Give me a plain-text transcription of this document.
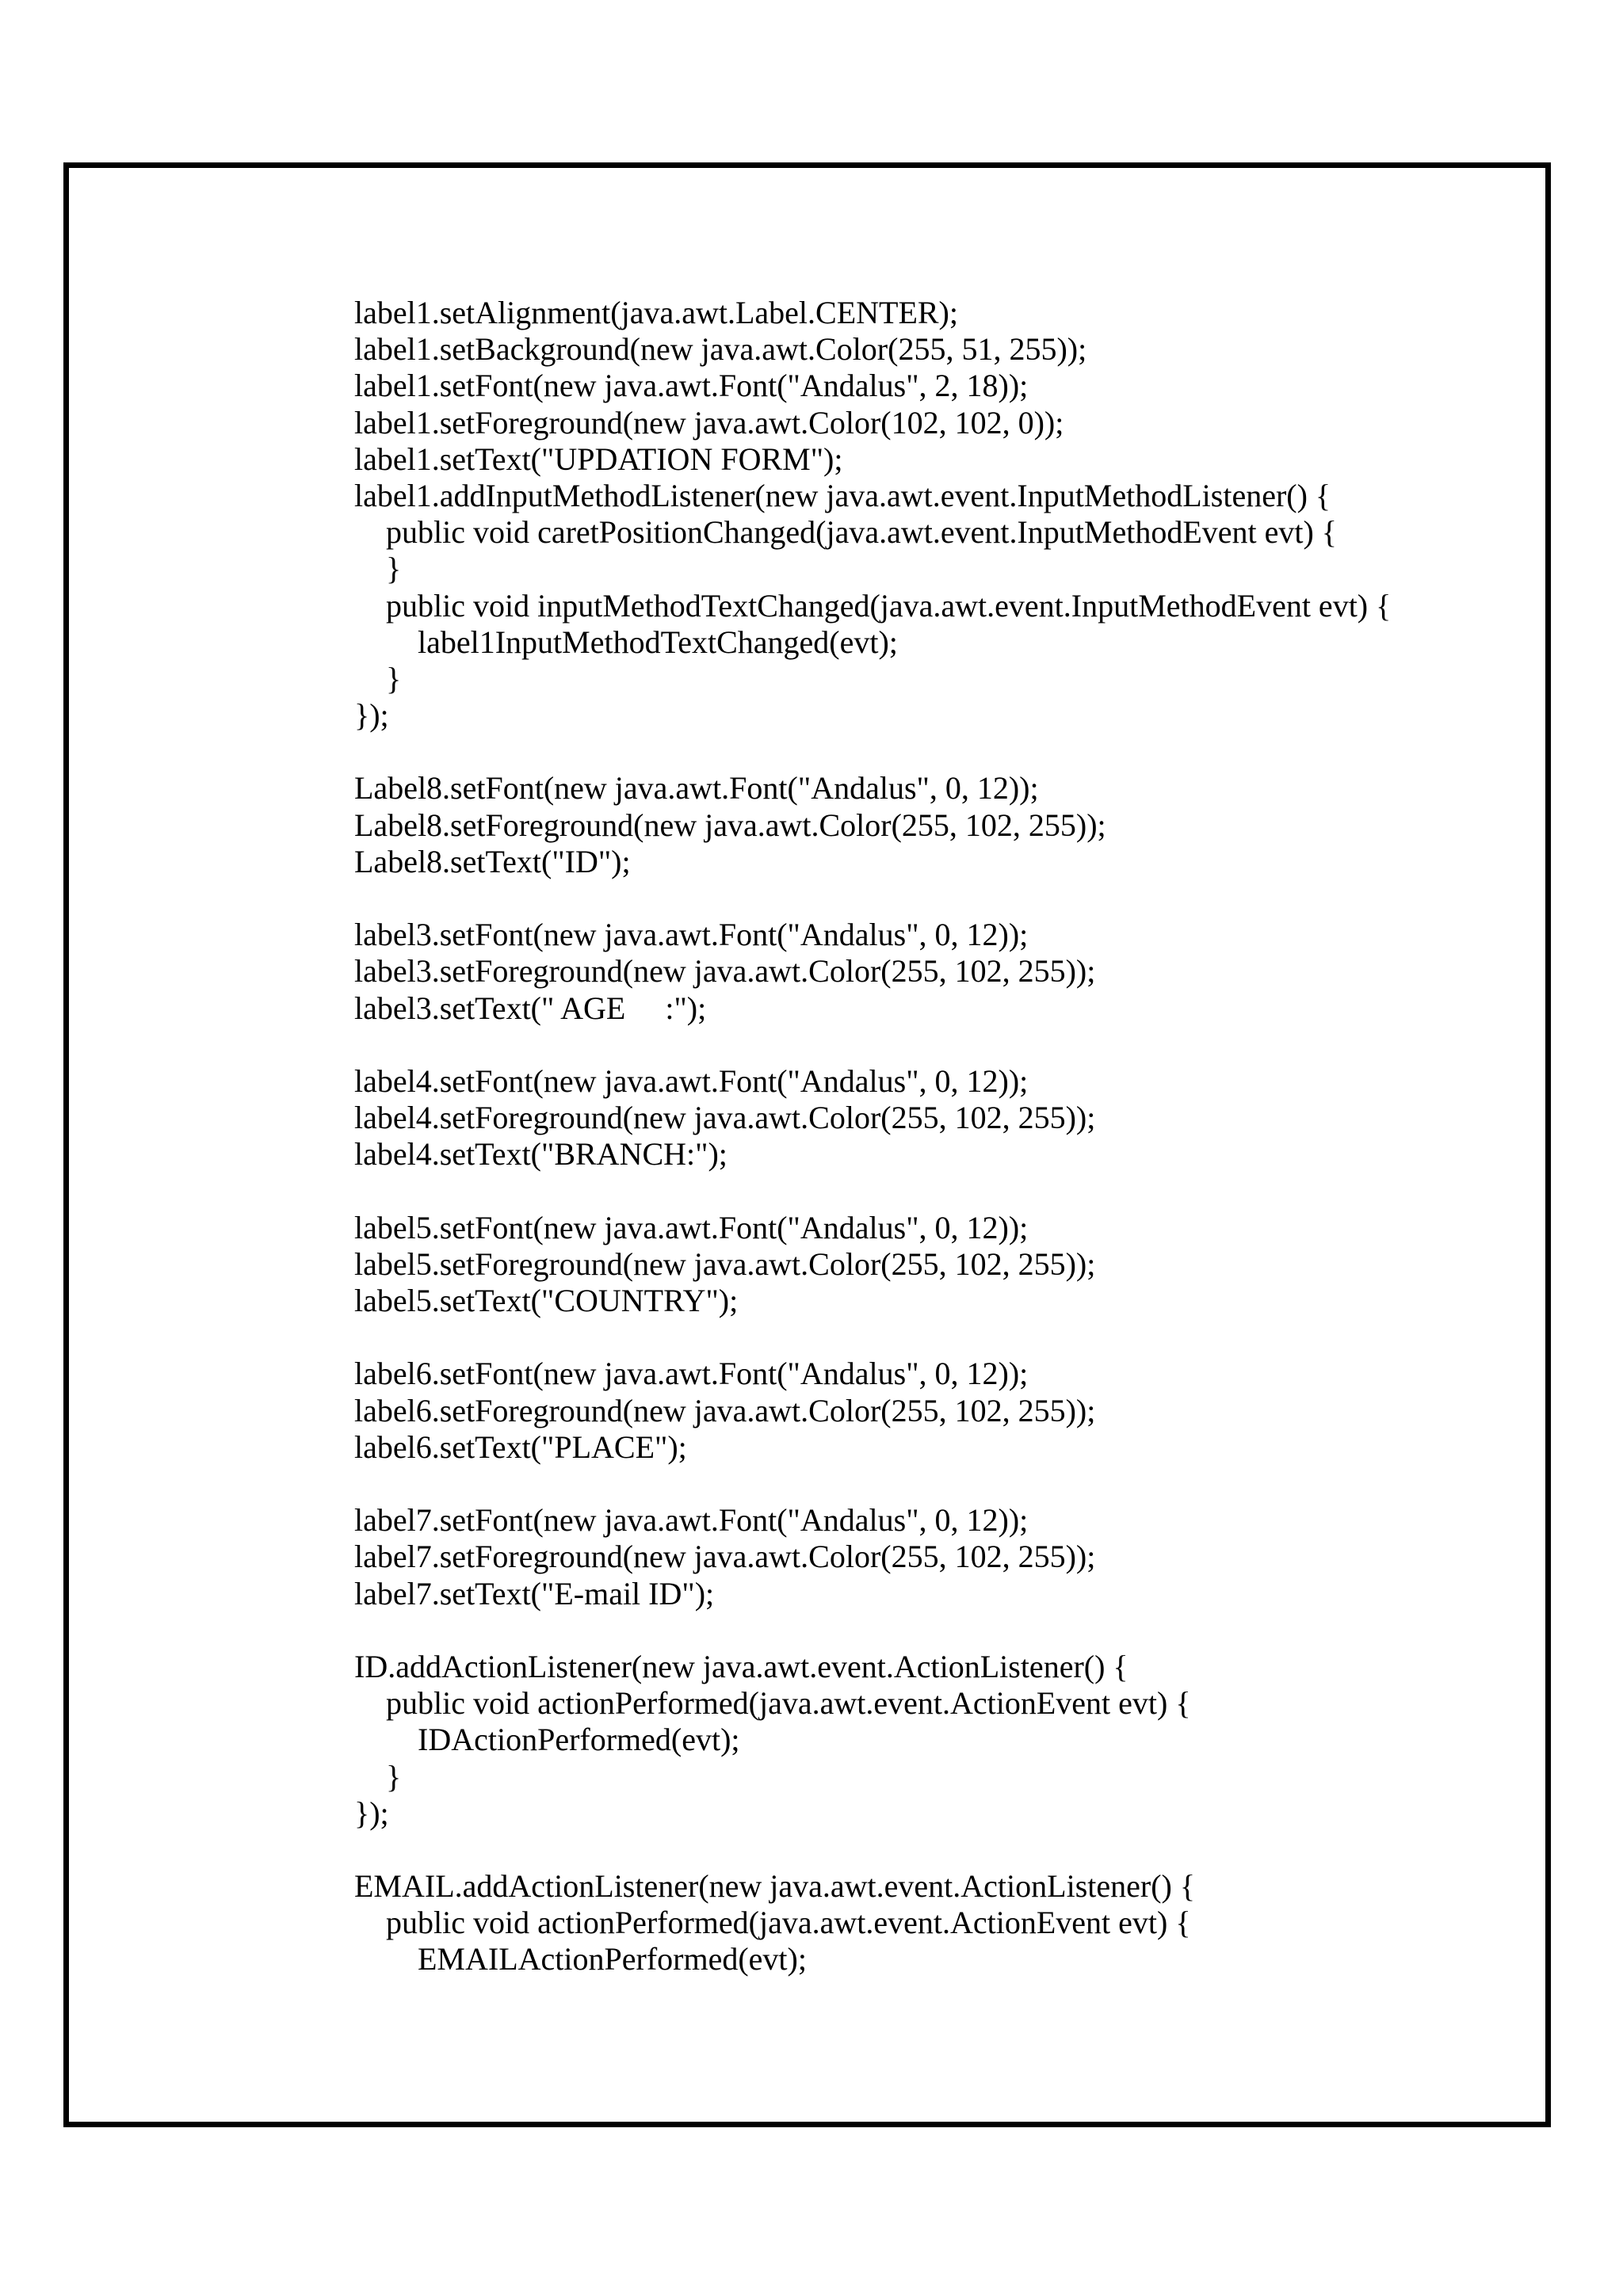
label1.setAlignment(java.awt.Label.CENTER);
label1.setBackground(new java.awt.Color(255, 51, 255));
label1.setFont(new java.awt.Font("Andalus", 2, 18));
label1.setForeground(new java.awt.Color(102, 102, 0));
label1.setText("UPDATION FORM");
label1.addInputMethodListener(new java.awt.event.InputMethodListener() {
public void caretPositionChanged(java.awt.event.InputMethodEvent evt) {
}
public void inputMethodTextChanged(java.awt.event.InputMethodEvent evt) {
label1InputMethodTextChanged(evt);
}
});
Label8.setFont(new java.awt.Font("Andalus", 0, 12));
Label8.setForeground(new java.awt.Color(255, 102, 255));
Label8.setText("ID");
label3.setFont(new java.awt.Font("Andalus", 0, 12));
label3.setForeground(new java.awt.Color(255, 102, 255));
label3.setText(" AGE     :");
label4.setFont(new java.awt.Font("Andalus", 0, 12));
label4.setForeground(new java.awt.Color(255, 102, 255));
label4.setText("BRANCH:");
label5.setFont(new java.awt.Font("Andalus", 0, 12));
label5.setForeground(new java.awt.Color(255, 102, 255));
label5.setText("COUNTRY");
label6.setFont(new java.awt.Font("Andalus", 0, 12));
label6.setForeground(new java.awt.Color(255, 102, 255));
label6.setText("PLACE");
label7.setFont(new java.awt.Font("Andalus", 0, 12));
label7.setForeground(new java.awt.Color(255, 102, 255));
label7.setText("E-mail ID");
ID.addActionListener(new java.awt.event.ActionListener() {
public void actionPerformed(java.awt.event.ActionEvent evt) {
IDActionPerformed(evt);
}
});
EMAIL.addActionListener(new java.awt.event.ActionListener() {
public void actionPerformed(java.awt.event.ActionEvent evt) {
EMAILActionPerformed(evt);
